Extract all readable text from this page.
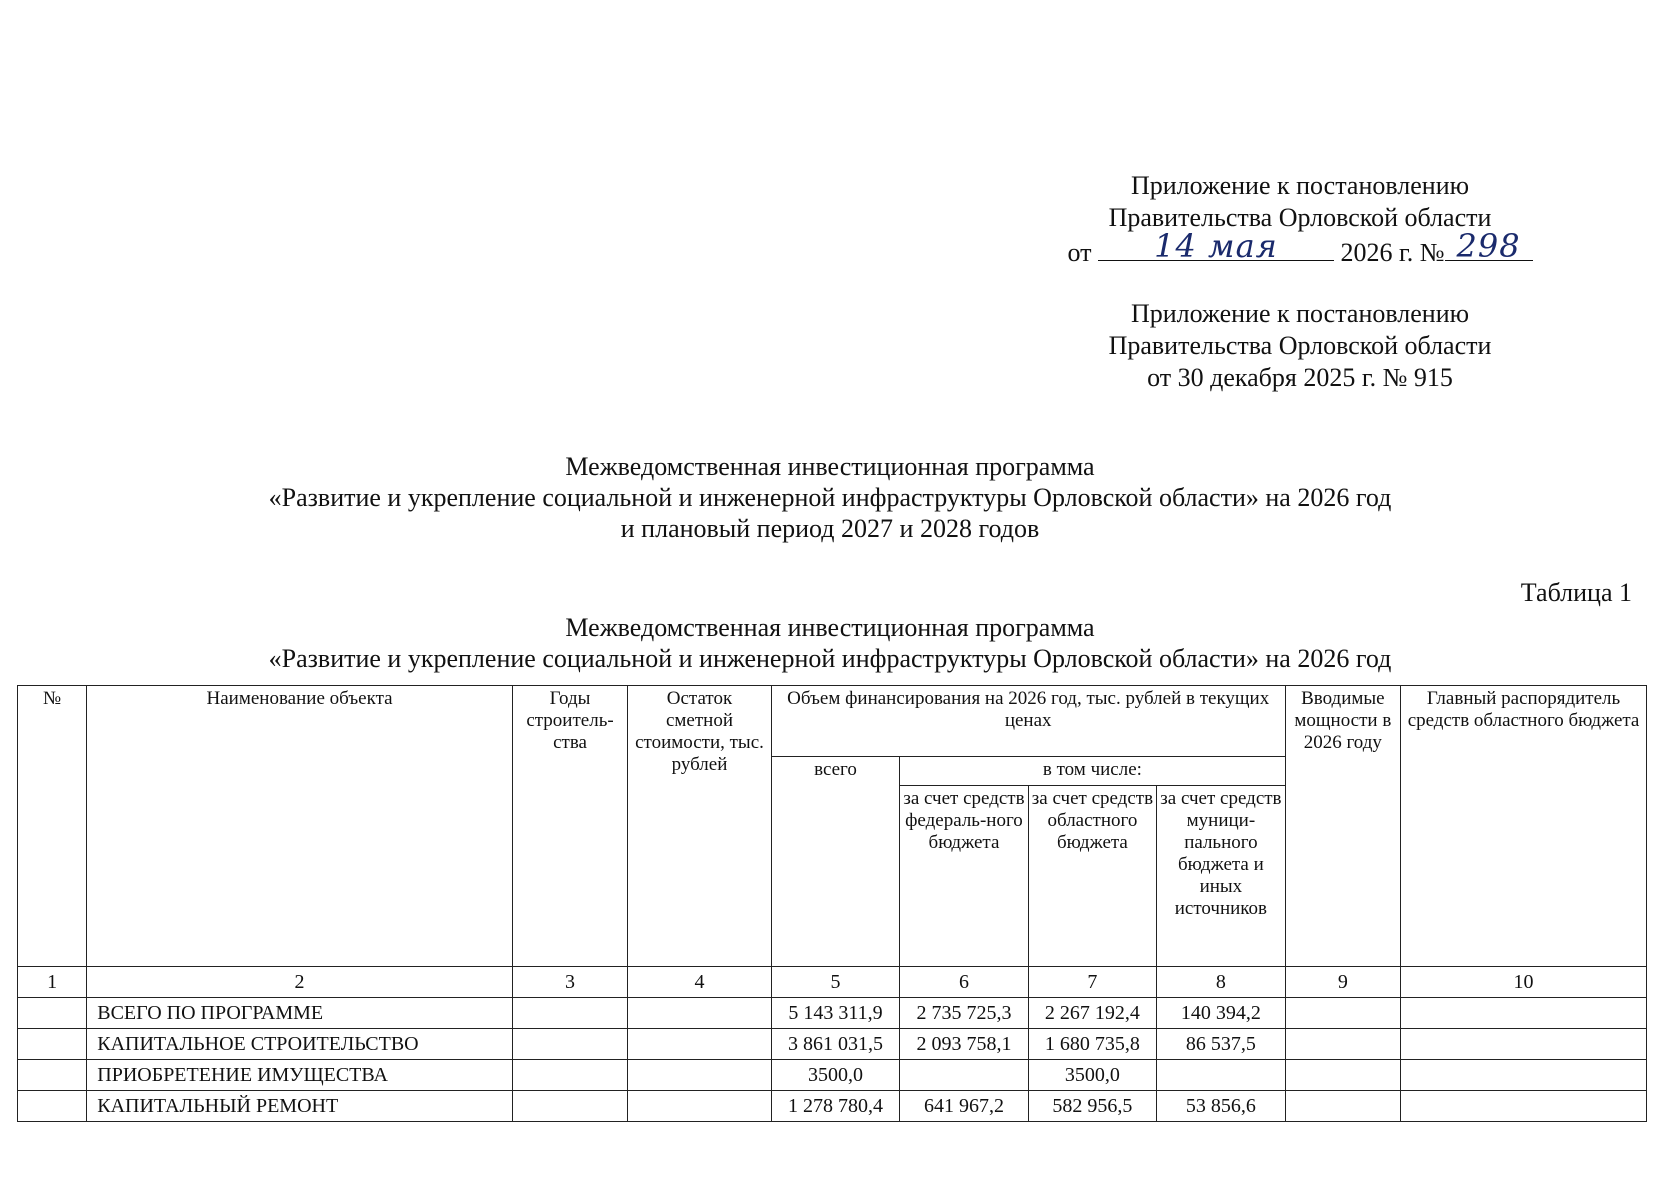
Приложение к постановлению
Правительства Орловской области
от	14 мая	2026 г. № 298
Приложение к постановлению
Правительства Орловской области
от 30 декабря 2025 г. № 915
Межведомственная инвестиционная программа
«Развитие и укрепление социальной и инженерной инфраструктуры Орловской области» на 2026 год
и плановый период 2027 и 2028 годов
Таблица 1
Межведомственная инвестиционная программа
«Развитие и укрепление социальной и инженерной инфраструктуры Орловской области» на 2026 год
№	Наименование объекта	Годы строитель-ства	Остаток сметной стоимости, тыс. рублей	Объем финансирования на 2026 год, тыс. рублей в текущих ценах				Вводимые мощности в 2026 году	Главный распорядитель средств областного бюджета
				всего	в том числе:				
					за счет средств федераль-ного бюджета	за счет средств областного бюджета	за счет средств муници-пального бюджета и иных источников		
1	2	3	4	5	6	7	8	9	10
	ВСЕГО ПО ПРОГРАММЕ			5 143 311,9	2 735 725,3	2 267 192,4	140 394,2		
	КАПИТАЛЬНОЕ СТРОИТЕЛЬСТВО			3 861 031,5	2 093 758,1	1 680 735,8	86 537,5		
	ПРИОБРЕТЕНИЕ ИМУЩЕСТВА			3500,0		3500,0			
	КАПИТАЛЬНЫЙ РЕМОНТ			1 278 780,4	641 967,2	582 956,5	53 856,6		
